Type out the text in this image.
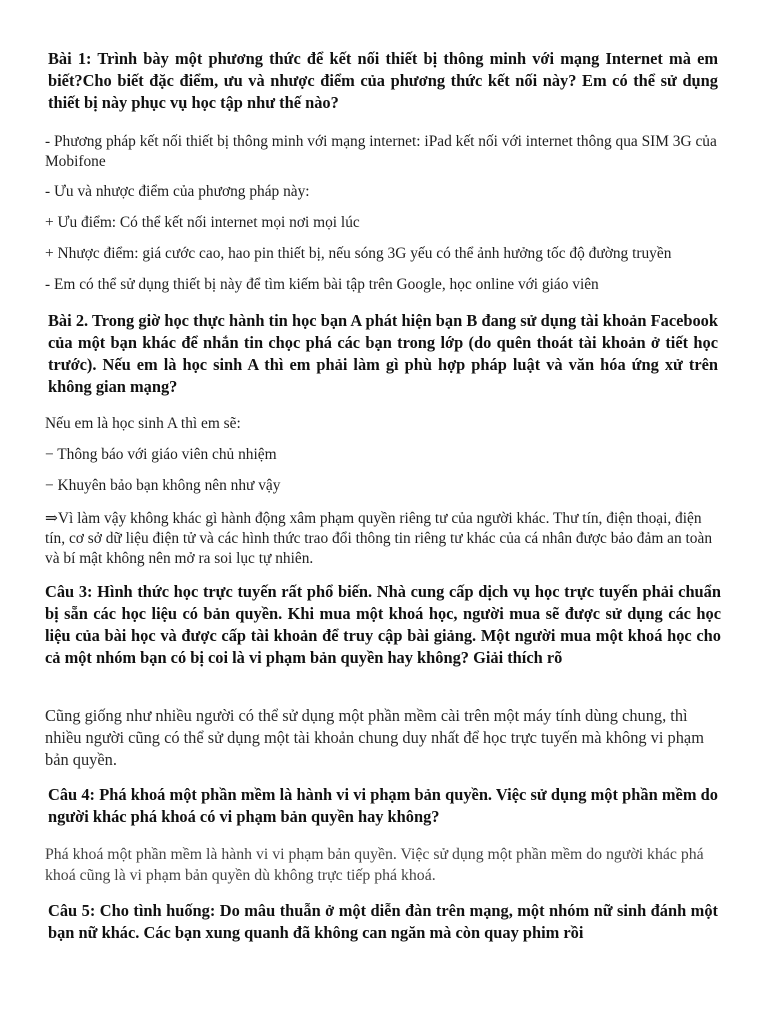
Bài 1: Trình bày một phương thức để kết nối thiết bị thông minh với mạng Internet mà em biết?Cho biết đặc điểm, ưu và nhược điểm của phương thức kết nối này? Em có thể sử dụng thiết bị này phục vụ học tập như thế nào?

- Phương pháp kết nối thiết bị thông minh với mạng internet: iPad kết nối với internet thông qua SIM 3G của Mobifone

- Ưu và nhược điểm của phương pháp này:

+ Ưu điểm: Có thể kết nối internet mọi nơi mọi lúc

+ Nhược điểm: giá cước cao, hao pin thiết bị, nếu sóng 3G yếu có thể ảnh hưởng tốc độ đường truyền

- Em có thể sử dụng thiết bị này để tìm kiếm bài tập trên Google, học online với giáo viên

Bài 2. Trong giờ học thực hành tin học bạn A phát hiện bạn B đang sử dụng tài khoản Facebook của một bạn khác để nhắn tin chọc phá các bạn trong lớp (do quên thoát tài khoản ở tiết học trước). Nếu em là học sinh A thì em phải làm gì phù hợp pháp luật và văn hóa ứng xử trên không gian mạng?

Nếu em là học sinh A thì em sẽ:

− Thông báo với giáo viên chủ nhiệm

− Khuyên bảo bạn không nên như vậy

⇒Vì làm vậy không khác gì hành động xâm phạm quyền riêng tư của người khác. Thư tín, điện thoại, điện tín, cơ sở dữ liệu điện tử và các hình thức trao đổi thông tin riêng tư khác của cá nhân được bảo đảm an toàn và bí mật không nên mở ra soi lục tự nhiên.

Câu 3: Hình thức học trực tuyến rất phổ biến. Nhà cung cấp dịch vụ học trực tuyến phải chuẩn bị sẵn các học liệu có bản quyền. Khi mua một khoá học, người mua sẽ được sử dụng các học liệu của bài học và được cấp tài khoản để truy cập bài giảng. Một người mua một khoá học cho cả một nhóm bạn có bị coi là vi phạm bản quyền hay không? Giải thích rõ

Cũng giống như nhiều người có thể sử dụng một phần mềm cài trên một máy tính dùng chung, thì nhiều người cũng có thể sử dụng một tài khoản chung duy nhất để học trực tuyến mà không vi phạm bản quyền.

Câu 4: Phá khoá một phần mềm là hành vi vi phạm bản quyền. Việc sử dụng một phần mềm do người khác phá khoá có vi phạm bản quyền hay không?

Phá khoá một phần mềm là hành vi vi phạm bản quyền. Việc sử dụng một phần mềm do người khác phá khoá cũng là vi phạm bản quyền dù không trực tiếp phá khoá.

Câu 5: Cho tình huống: Do mâu thuẫn ở một diễn đàn trên mạng, một nhóm nữ sinh đánh một bạn nữ khác. Các bạn xung quanh đã không can ngăn mà còn quay phim rồi
